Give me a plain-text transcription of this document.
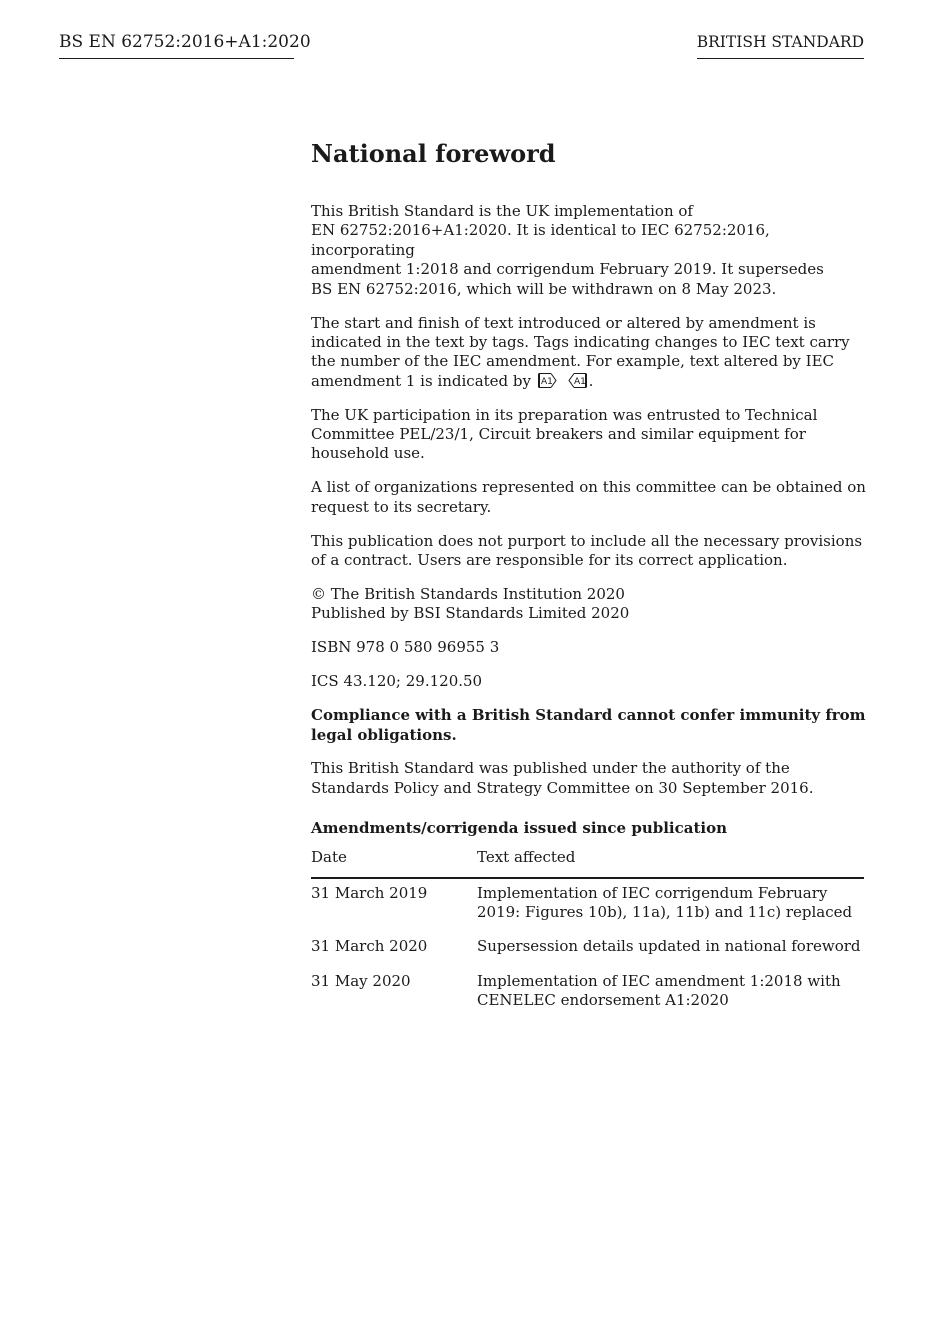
BS EN 62752:2016+A1:2020	BRITISH STANDARD
National foreword

This British Standard is the UK implementation of
EN 62752:2016+A1:2020. It is identical to IEC 62752:2016, incorporating
amendment 1:2018 and corrigendum February 2019. It supersedes
BS EN 62752:2016, which will be withdrawn on 8 May 2023.

The start and finish of text introduced or altered by amendment is
indicated in the text by tags. Tags indicating changes to IEC text carry
the number of the IEC amendment. For example, text altered by IEC
amendment 1 is indicated by A1
A1 .

The UK participation in its preparation was entrusted to Technical
Committee PEL/23/1, Circuit breakers and similar equipment for
household use.

A list of organizations represented on this committee can be obtained on
request to its secretary.

This publication does not purport to include all the necessary provisions
of a contract. Users are responsible for its correct application.

© The British Standards Institution 2020
Published by BSI Standards Limited 2020

ISBN 978 0 580 96955 3

ICS 43.120; 29.120.50

Compliance with a British Standard cannot confer immunity from
legal obligations.

This British Standard was published under the authority of the
Standards Policy and Strategy Committee on 30 September 2016.

Amendments/corrigenda issued since publication
Date	Text affected
31 March 2019	Implementation of IEC corrigendum February
2019: Figures 10b), 11a), 11b) and 11c) replaced

31 March 2020	Supersession details updated in national foreword

31 May 2020	Implementation of IEC amendment 1:2018 with
CENELEC endorsement A1:2020
